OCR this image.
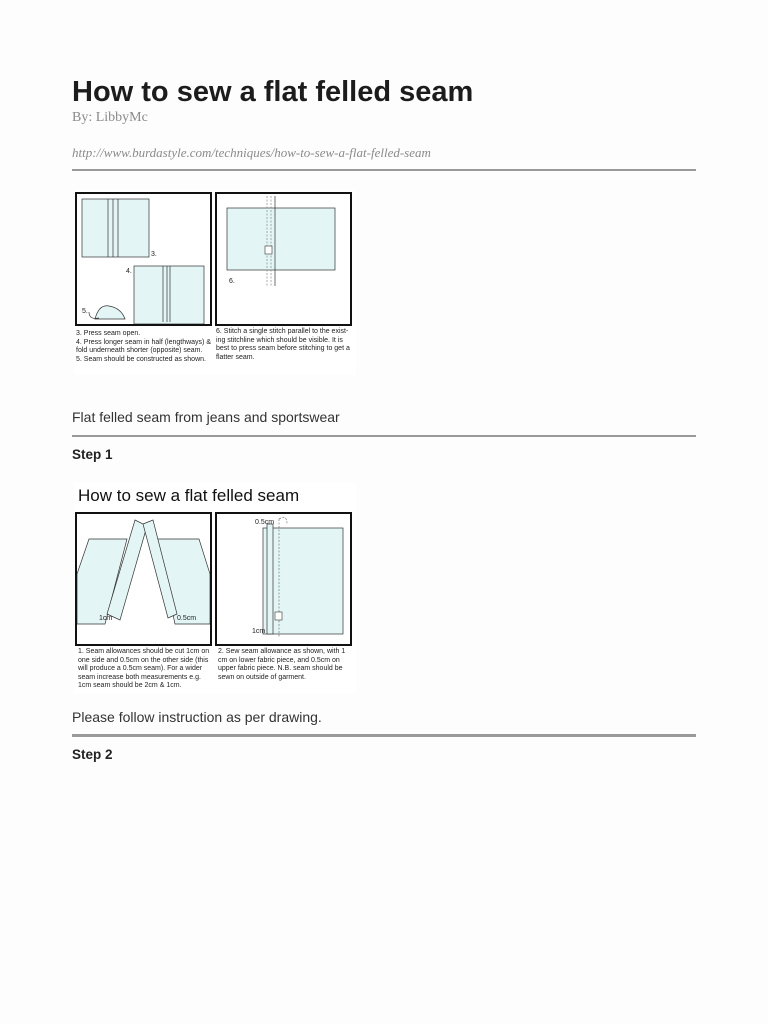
How to sew a flat felled seam
By: LibbyMc
http://www.burdastyle.com/techniques/how-to-sew-a-flat-felled-seam
3.
4.
5.
6.
3. Press seam open.
4. Press longer seam in half (lengthways) &
fold underneath shorter (opposite) seam.
5. Seam should be constructed as shown.
6. Stitch a single stitch parallel to the exist-
ing stitchline which should be visible. It is
best to press seam before stitching to get a
flatter seam.
Flat felled seam from jeans and sportswear
Step 1
How to sew a flat felled seam
1cm	0.5cm
0.5cm
1cm
1. Seam allowances should be cut 1cm on
one side and 0.5cm on the other side (this
will produce a 0.5cm seam). For a wider
seam increase both measurements e.g.
1cm seam should be 2cm & 1cm.
2. Sew seam allowance as shown, with 1
cm on lower fabric piece, and 0.5cm on
upper fabric piece. N.B. seam should be
sewn on outside of garment.
Please follow instruction as per drawing.
Step 2
